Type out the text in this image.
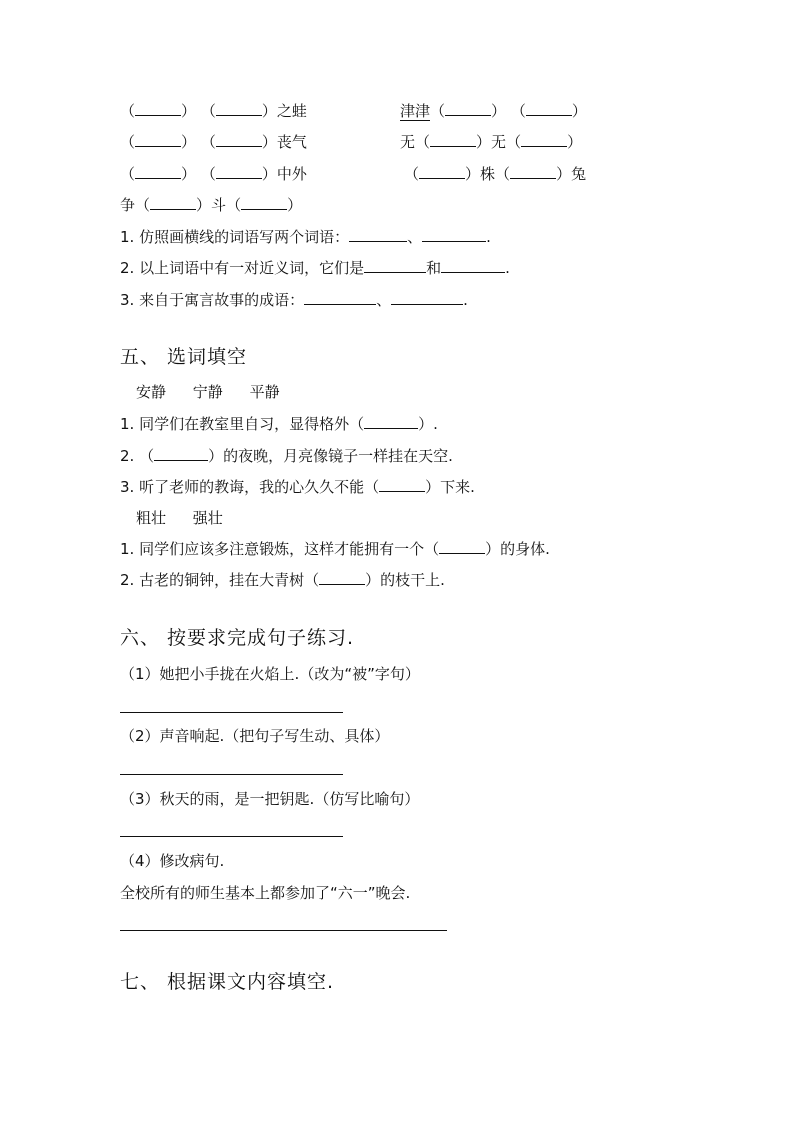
（	） （	）之蛙	津津（	） （	）
（	） （	）丧气	无（	）无（	）
（	） （	）中外	（	）株（	）兔
争（	）斗（	）
1. 仿照画横线的词语写两个词语：	、	.
2. 以上词语中有一对近义词，它们是	和	.
3. 来自于寓言故事的成语：	、	.
五、 选词填空
安静 宁静 平静
1. 同学们在教室里自习，显得格外（	）.
2. （	）的夜晚，月亮像镜子一样挂在天空.
3. 听了老师的教诲，我的心久久不能（	）下来.
粗壮 强壮
1. 同学们应该多注意锻炼，这样才能拥有一个（	）的身体.
2. 古老的铜钟，挂在大青树（	）的枝干上.
六、 按要求完成句子练习.
（1）她把小手拢在火焰上.（改为“被”字句）
（2）声音响起.（把句子写生动、具体）
（3）秋天的雨，是一把钥匙.（仿写比喻句）
（4）修改病句.
全校所有的师生基本上都参加了“六一”晚会.
七、 根据课文内容填空.
